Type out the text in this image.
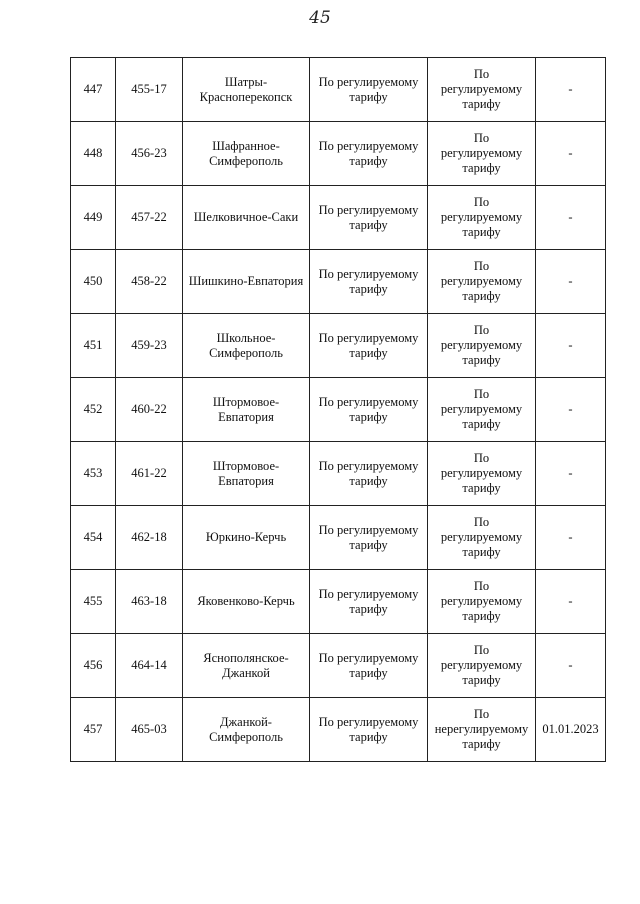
45
447	455-17	Шатры-
Красноперекопск	По регулируемому тарифу	По
регулируемому
тарифу	-
448	456-23	Шафранное-
Симферополь	По регулируемому тарифу	По
регулируемому
тарифу	-
449	457-22	Шелковичное-Саки	По регулируемому тарифу	По
регулируемому
тарифу	-
450	458-22	Шишкино-Евпатория	По регулируемому тарифу	По
регулируемому
тарифу	-
451	459-23	Школьное-
Симферополь	По регулируемому тарифу	По
регулируемому
тарифу	-
452	460-22	Штормовое-
Евпатория	По регулируемому тарифу	По
регулируемому
тарифу	-
453	461-22	Штормовое-
Евпатория	По регулируемому тарифу	По
регулируемому
тарифу	-
454	462-18	Юркино-Керчь	По регулируемому тарифу	По
регулируемому
тарифу	-
455	463-18	Яковенково-Керчь	По регулируемому тарифу	По
регулируемому
тарифу	-
456	464-14	Яснополянское-
Джанкой	По регулируемому тарифу	По
регулируемому
тарифу	-
457	465-03	Джанкой-
Симферополь	По регулируемому тарифу	По
нерегулируемому
тарифу	01.01.2023
